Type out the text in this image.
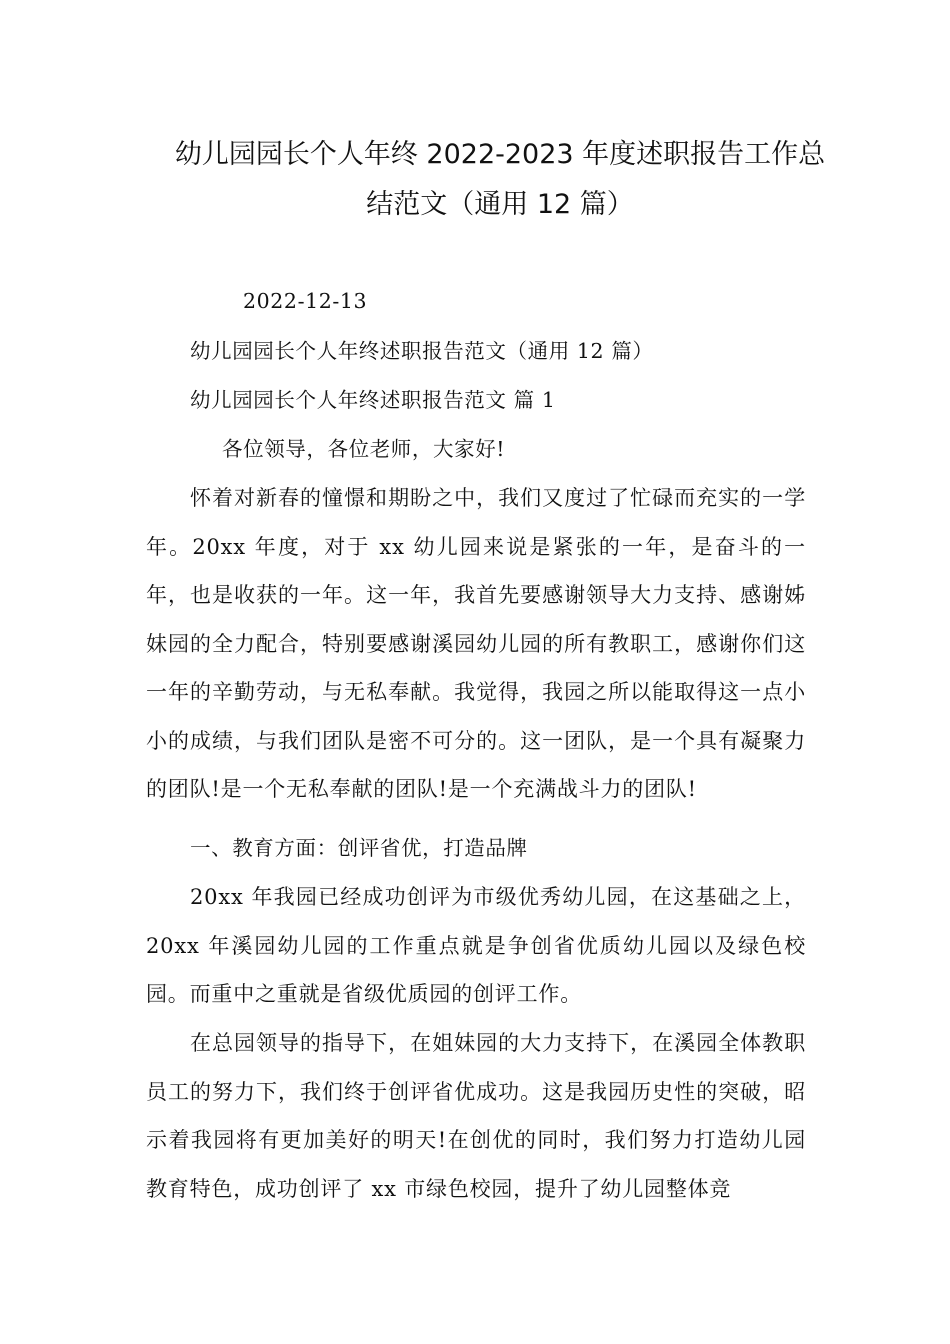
幼儿园园长个人年终 2022-2023 年度述职报告工作总
结范文（通用 12 篇）
2022-12-13
幼儿园园长个人年终述职报告范文（通用 12 篇）
幼儿园园长个人年终述职报告范文 篇 1
各位领导，各位老师，大家好!
怀着对新春的憧憬和期盼之中，我们又度过了忙碌而充实的一学年。20xx 年度，对于 xx 幼儿园来说是紧张的一年，是奋斗的一年，也是收获的一年。这一年，我首先要感谢领导大力支持、感谢姊妹园的全力配合，特别要感谢溪园幼儿园的所有教职工，感谢你们这一年的辛勤劳动，与无私奉献。我觉得，我园之所以能取得这一点小小的成绩，与我们团队是密不可分的。这一团队，是一个具有凝聚力的团队!是一个无私奉献的团队!是一个充满战斗力的团队!
一、教育方面：创评省优，打造品牌
20xx 年我园已经成功创评为市级优秀幼儿园，在这基础之上，20xx 年溪园幼儿园的工作重点就是争创省优质幼儿园以及绿色校园。而重中之重就是省级优质园的创评工作。
在总园领导的指导下，在姐妹园的大力支持下，在溪园全体教职员工的努力下，我们终于创评省优成功。这是我园历史性的突破，昭示着我园将有更加美好的明天!在创优的同时，我们努力打造幼儿园教育特色，成功创评了 xx 市绿色校园，提升了幼儿园整体竞
